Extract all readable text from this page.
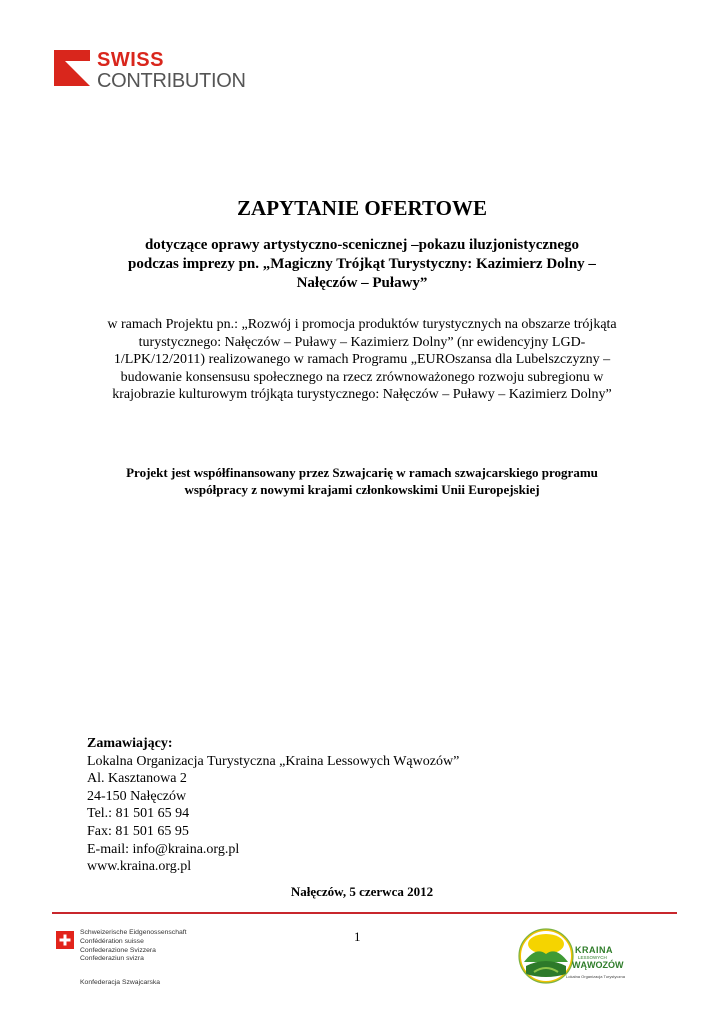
SWISS
CONTRIBUTION
ZAPYTANIE OFERTOWE
dotyczące oprawy artystyczno-scenicznej –pokazu iluzjonistycznego
podczas imprezy pn. „Magiczny Trójkąt Turystyczny: Kazimierz Dolny –
Nałęczów – Puławy”
w ramach Projektu pn.: „Rozwój i promocja produktów turystycznych na obszarze trójkąta
turystycznego: Nałęczów – Puławy – Kazimierz Dolny” (nr ewidencyjny LGD-
1/LPK/12/2011) realizowanego w ramach Programu „EUROszansa dla Lubelszczyzny –
budowanie konsensusu społecznego na rzecz zrównoważonego rozwoju subregionu w
krajobrazie kulturowym trójkąta turystycznego: Nałęczów – Puławy – Kazimierz Dolny”
Projekt jest współfinansowany przez Szwajcarię w ramach szwajcarskiego programu
współpracy z nowymi krajami członkowskimi Unii Europejskiej
Zamawiający:
Lokalna Organizacja Turystyczna „Kraina Lessowych Wąwozów”
Al. Kasztanowa 2
24-150 Nałęczów
Tel.: 81 501 65 94
Fax: 81 501 65 95
E-mail: info@kraina.org.pl
www.kraina.org.pl
Nałęczów, 5 czerwca 2012
1
Schweizerische Eidgenossenschaft
Confédération suisse
Confederazione Svizzera
Confederaziun svizra
Konfederacja Szwajcarska
KRAINA
LESSOWYCH
WĄWOZÓW
Lokalna Organizacja Turystyczna
